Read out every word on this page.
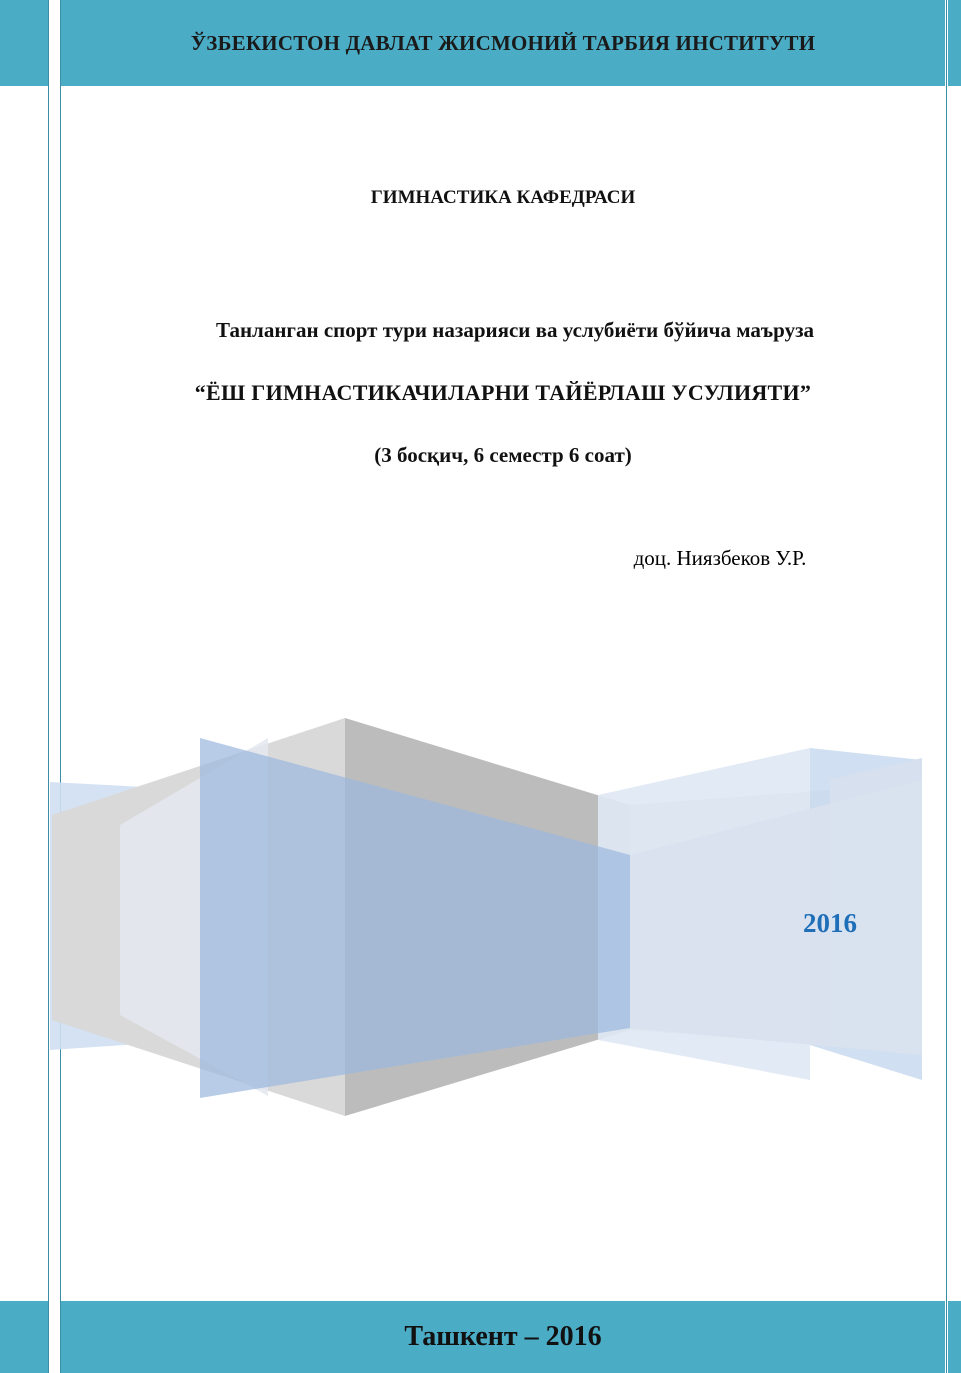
ЎЗБЕКИСТОН ДАВЛАТ ЖИСМОНИЙ ТАРБИЯ ИНСТИТУТИ
ГИМНАСТИКА КАФЕДРАСИ
Танланган спорт тури назарияси ва услубиёти бўйича маъруза
“ЁШ ГИМНАСТИКАЧИЛАРНИ ТАЙЁРЛАШ УСУЛИЯТИ”
(3 босқич, 6 семестр 6 соат)
доц. Ниязбеков У.Р.
2016
Ташкент – 2016
